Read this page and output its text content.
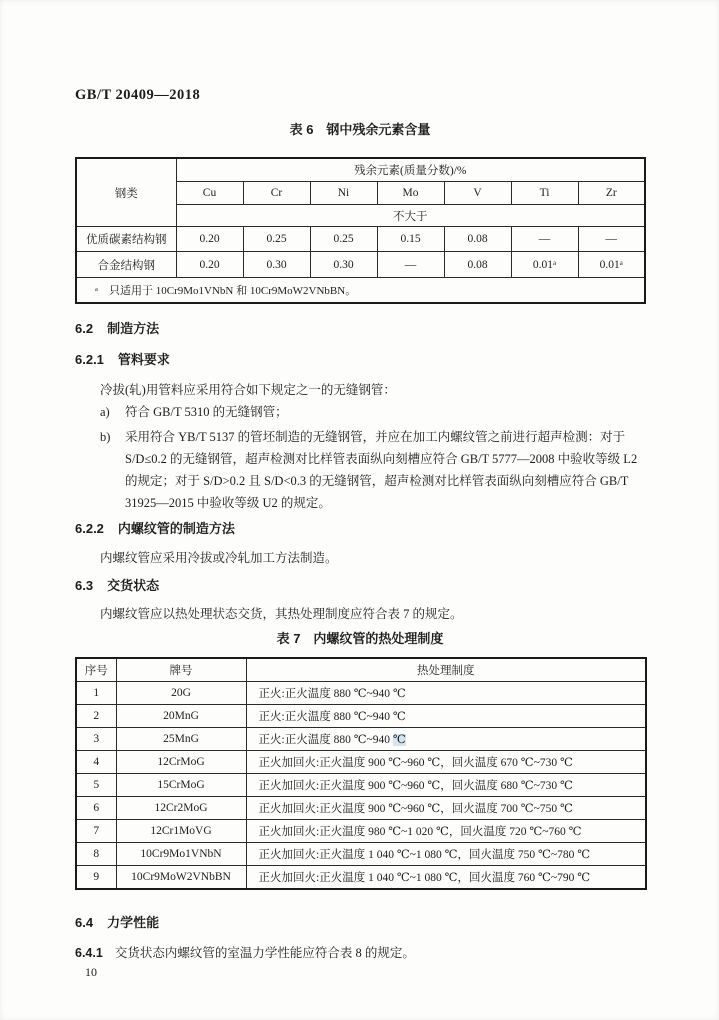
GB/T 20409—2018
表 6　钢中残余元素含量
钢类	残余元素(质量分数)/%						
	Cu	Cr	Ni	Mo	V	Ti	Zr
	不大于						
优质碳素结构钢	0.20	0.25	0.25	0.15	0.08	—	—
合金结构钢	0.20	0.30	0.30	—	0.08	0.01ᵃ	0.01ᵃ
ᵃ　只适用于 10Cr9Mo1VNbN 和 10Cr9MoW2VNbBN。							
6.2 制造方法
6.2.1 管料要求
冷拔(轧)用管料应采用符合如下规定之一的无缝钢管：
a)	符合 GB/T 5310 的无缝钢管；
b)	采用符合 YB/T 5137 的管坯制造的无缝钢管，并应在加工内螺纹管之前进行超声检测：对于 S/D≤0.2 的无缝钢管，超声检测对比样管表面纵向刻槽应符合 GB/T 5777—2008 中验收等级 L2 的规定；对于 S/D>0.2 且 S/D<0.3 的无缝钢管，超声检测对比样管表面纵向刻槽应符合 GB/T 31925—2015 中验收等级 U2 的规定。
6.2.2 内螺纹管的制造方法
内螺纹管应采用冷拔或冷轧加工方法制造。
6.3 交货状态
内螺纹管应以热处理状态交货，其热处理制度应符合表 7 的规定。
表 7　内螺纹管的热处理制度
序号	牌号	热处理制度
1	20G	正火:正火温度 880 ℃~940 ℃
2	20MnG	正火:正火温度 880 ℃~940 ℃
3	25MnG	正火:正火温度 880 ℃~940 ℃
4	12CrMoG	正火加回火:正火温度 900 ℃~960 ℃，回火温度 670 ℃~730 ℃
5	15CrMoG	正火加回火:正火温度 900 ℃~960 ℃，回火温度 680 ℃~730 ℃
6	12Cr2MoG	正火加回火:正火温度 900 ℃~960 ℃，回火温度 700 ℃~750 ℃
7	12Cr1MoVG	正火加回火:正火温度 980 ℃~1 020 ℃，回火温度 720 ℃~760 ℃
8	10Cr9Mo1VNbN	正火加回火:正火温度 1 040 ℃~1 080 ℃，回火温度 750 ℃~780 ℃
9	10Cr9MoW2VNbBN	正火加回火:正火温度 1 040 ℃~1 080 ℃，回火温度 760 ℃~790 ℃
6.4 力学性能
6.4.1 交货状态内螺纹管的室温力学性能应符合表 8 的规定。
10
